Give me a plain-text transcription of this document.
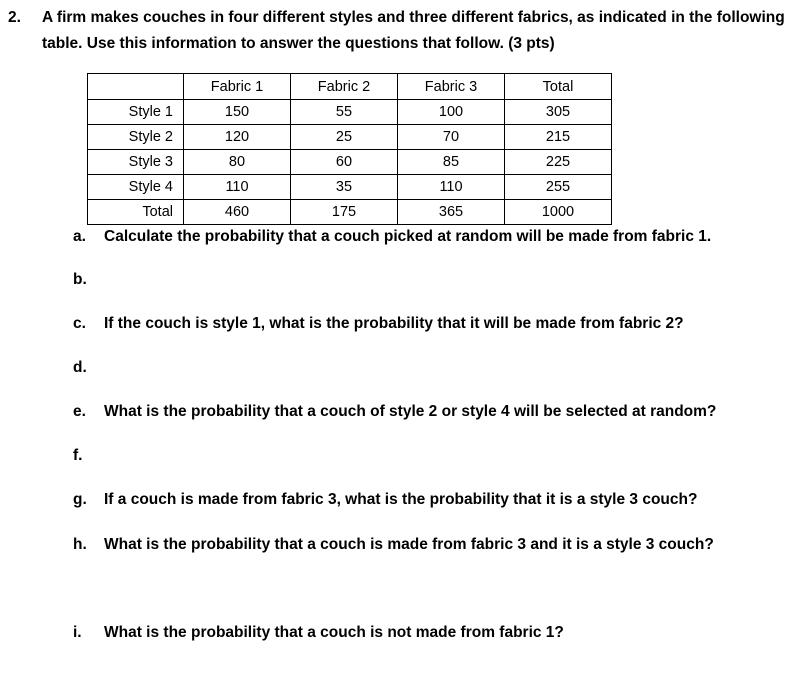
2. A firm makes couches in four different styles and three different fabrics, as indicated in the following table. Use this information to answer the questions that follow. (3 pts)
	Fabric 1	Fabric 2	Fabric 3	Total
Style 1	150	55	100	305
Style 2	120	25	70	215
Style 3	80	60	85	225
Style 4	110	35	110	255
Total	460	175	365	1000
a. Calculate the probability that a couch picked at random will be made from fabric 1.
b.
c. If the couch is style 1, what is the probability that it will be made from fabric 2?
d.
e. What is the probability that a couch of style 2 or style 4 will be selected at random?
f.
g. If a couch is made from fabric 3, what is the probability that it is a style 3 couch?
h. What is the probability that a couch is made from fabric 3 and it is a style 3 couch?
i. What is the probability that a couch is not made from fabric 1?
